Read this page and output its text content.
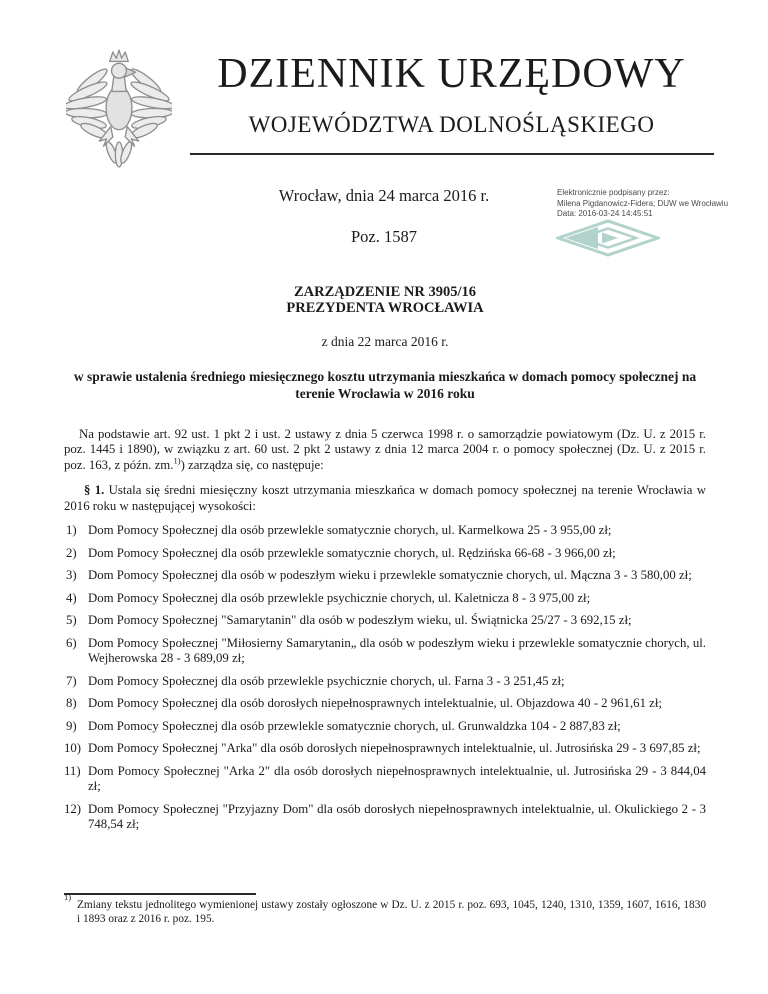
DZIENNIK URZĘDOWY
WOJEWÓDZTWA DOLNOŚLĄSKIEGO
Wrocław, dnia 24 marca 2016 r.
Poz. 1587
Elektronicznie podpisany przez:
Milena Pigdanowicz-Fidera; DUW we Wrocławiu
Data: 2016-03-24 14:45:51
ZARZĄDZENIE NR 3905/16
PREZYDENTA WROCŁAWIA
z dnia 22 marca 2016 r.
w sprawie ustalenia średniego miesięcznego kosztu utrzymania mieszkańca w domach pomocy społecznej na terenie Wrocławia w 2016 roku
Na podstawie art. 92 ust. 1 pkt 2 i ust. 2 ustawy z dnia 5 czerwca 1998 r. o samorządzie powiatowym (Dz. U. z 2015 r. poz. 1445 i 1890), w związku z art. 60 ust. 2 pkt 2 ustawy z dnia 12 marca 2004 r. o pomocy społecznej (Dz. U. z 2015 r. poz. 163, z późn. zm.$^{1)}$) zarządza się, co następuje:
§ 1. Ustala się średni miesięczny koszt utrzymania mieszkańca w domach pomocy społecznej na terenie Wrocławia w 2016 roku w następującej wysokości:
1) Dom Pomocy Społecznej dla osób przewlekle somatycznie chorych, ul. Karmelkowa 25 - 3 955,00 zł;
2) Dom Pomocy Społecznej dla osób przewlekle somatycznie chorych, ul. Rędzińska 66-68 - 3 966,00 zł;
3) Dom Pomocy Społecznej dla osób w podeszłym wieku i przewlekle somatycznie chorych, ul. Mączna 3 - 3 580,00 zł;
4) Dom Pomocy Społecznej dla osób przewlekle psychicznie chorych, ul. Kaletnicza 8 - 3 975,00 zł;
5) Dom Pomocy Społecznej "Samarytanin" dla osób w podeszłym wieku, ul. Świątnicka 25/27 - 3 692,15 zł;
6) Dom Pomocy Społecznej "Miłosierny Samarytanin„ dla osób w podeszłym wieku i przewlekle somatycznie chorych, ul. Wejherowska 28 - 3 689,09 zł;
7) Dom Pomocy Społecznej dla osób przewlekle psychicznie chorych, ul. Farna 3 - 3 251,45 zł;
8) Dom Pomocy Społecznej dla osób dorosłych niepełnosprawnych intelektualnie, ul. Objazdowa 40 - 2 961,61 zł;
9) Dom Pomocy Społecznej dla osób przewlekle somatycznie chorych, ul. Grunwaldzka 104 - 2 887,83 zł;
10) Dom Pomocy Społecznej "Arka" dla osób dorosłych niepełnosprawnych intelektualnie, ul. Jutrosińska 29 - 3 697,85 zł;
11) Dom Pomocy Społecznej "Arka 2" dla osób dorosłych niepełnosprawnych intelektualnie, ul. Jutrosińska 29 - 3 844,04 zł;
12) Dom Pomocy Społecznej "Przyjazny Dom" dla osób dorosłych niepełnosprawnych intelektualnie, ul. Okulickiego 2 - 3 748,54 zł;
1)
Zmiany tekstu jednolitego wymienionej ustawy zostały ogłoszone w Dz. U. z 2015 r. poz. 693, 1045, 1240, 1310, 1359, 1607, 1616, 1830 i 1893 oraz z 2016 r. poz. 195.
